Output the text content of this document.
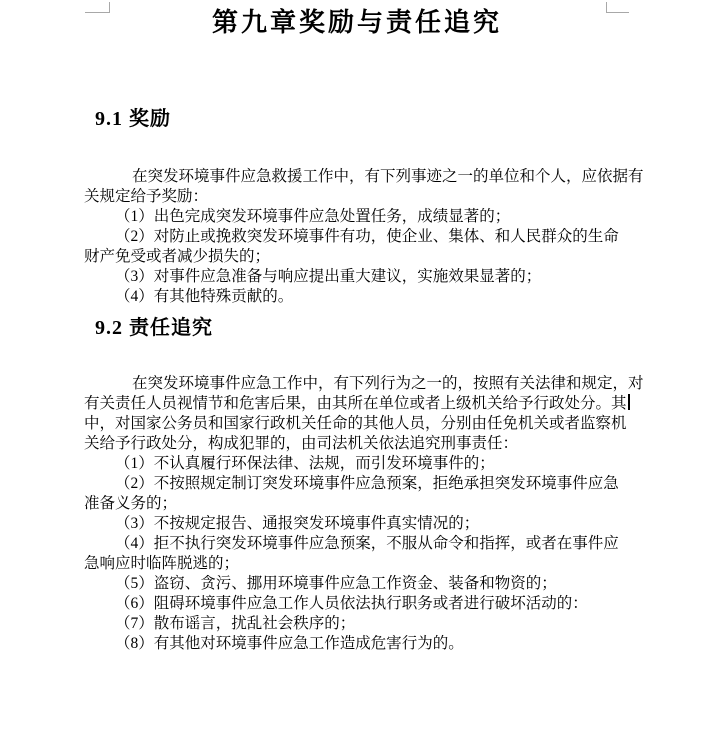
第九章奖励与责任追究
9.1 奖励
在突发环境事件应急救援工作中，有下列事迹之一的单位和个人，应依据有
关规定给予奖励：
（1）出色完成突发环境事件应急处置任务，成绩显著的；
（2）对防止或挽救突发环境事件有功，使企业、集体、和人民群众的生命
财产免受或者减少损失的；
（3）对事件应急准备与响应提出重大建议，实施效果显著的；
（4）有其他特殊贡献的。
9.2 责任追究
在突发环境事件应急工作中，有下列行为之一的，按照有关法律和规定，对
有关责任人员视情节和危害后果，由其所在单位或者上级机关给予行政处分。其
中，对国家公务员和国家行政机关任命的其他人员，分别由任免机关或者监察机
关给予行政处分，构成犯罪的，由司法机关依法追究刑事责任：
（1）不认真履行环保法律、法规，而引发环境事件的；
（2）不按照规定制订突发环境事件应急预案，拒绝承担突发环境事件应急
准备义务的；
（3）不按规定报告、通报突发环境事件真实情况的；
（4）拒不执行突发环境事件应急预案，不服从命令和指挥，或者在事件应
急响应时临阵脱逃的；
（5）盗窃、贪污、挪用环境事件应急工作资金、装备和物资的；
（6）阻碍环境事件应急工作人员依法执行职务或者进行破坏活动的：
（7）散布谣言，扰乱社会秩序的；
（8）有其他对环境事件应急工作造成危害行为的。
